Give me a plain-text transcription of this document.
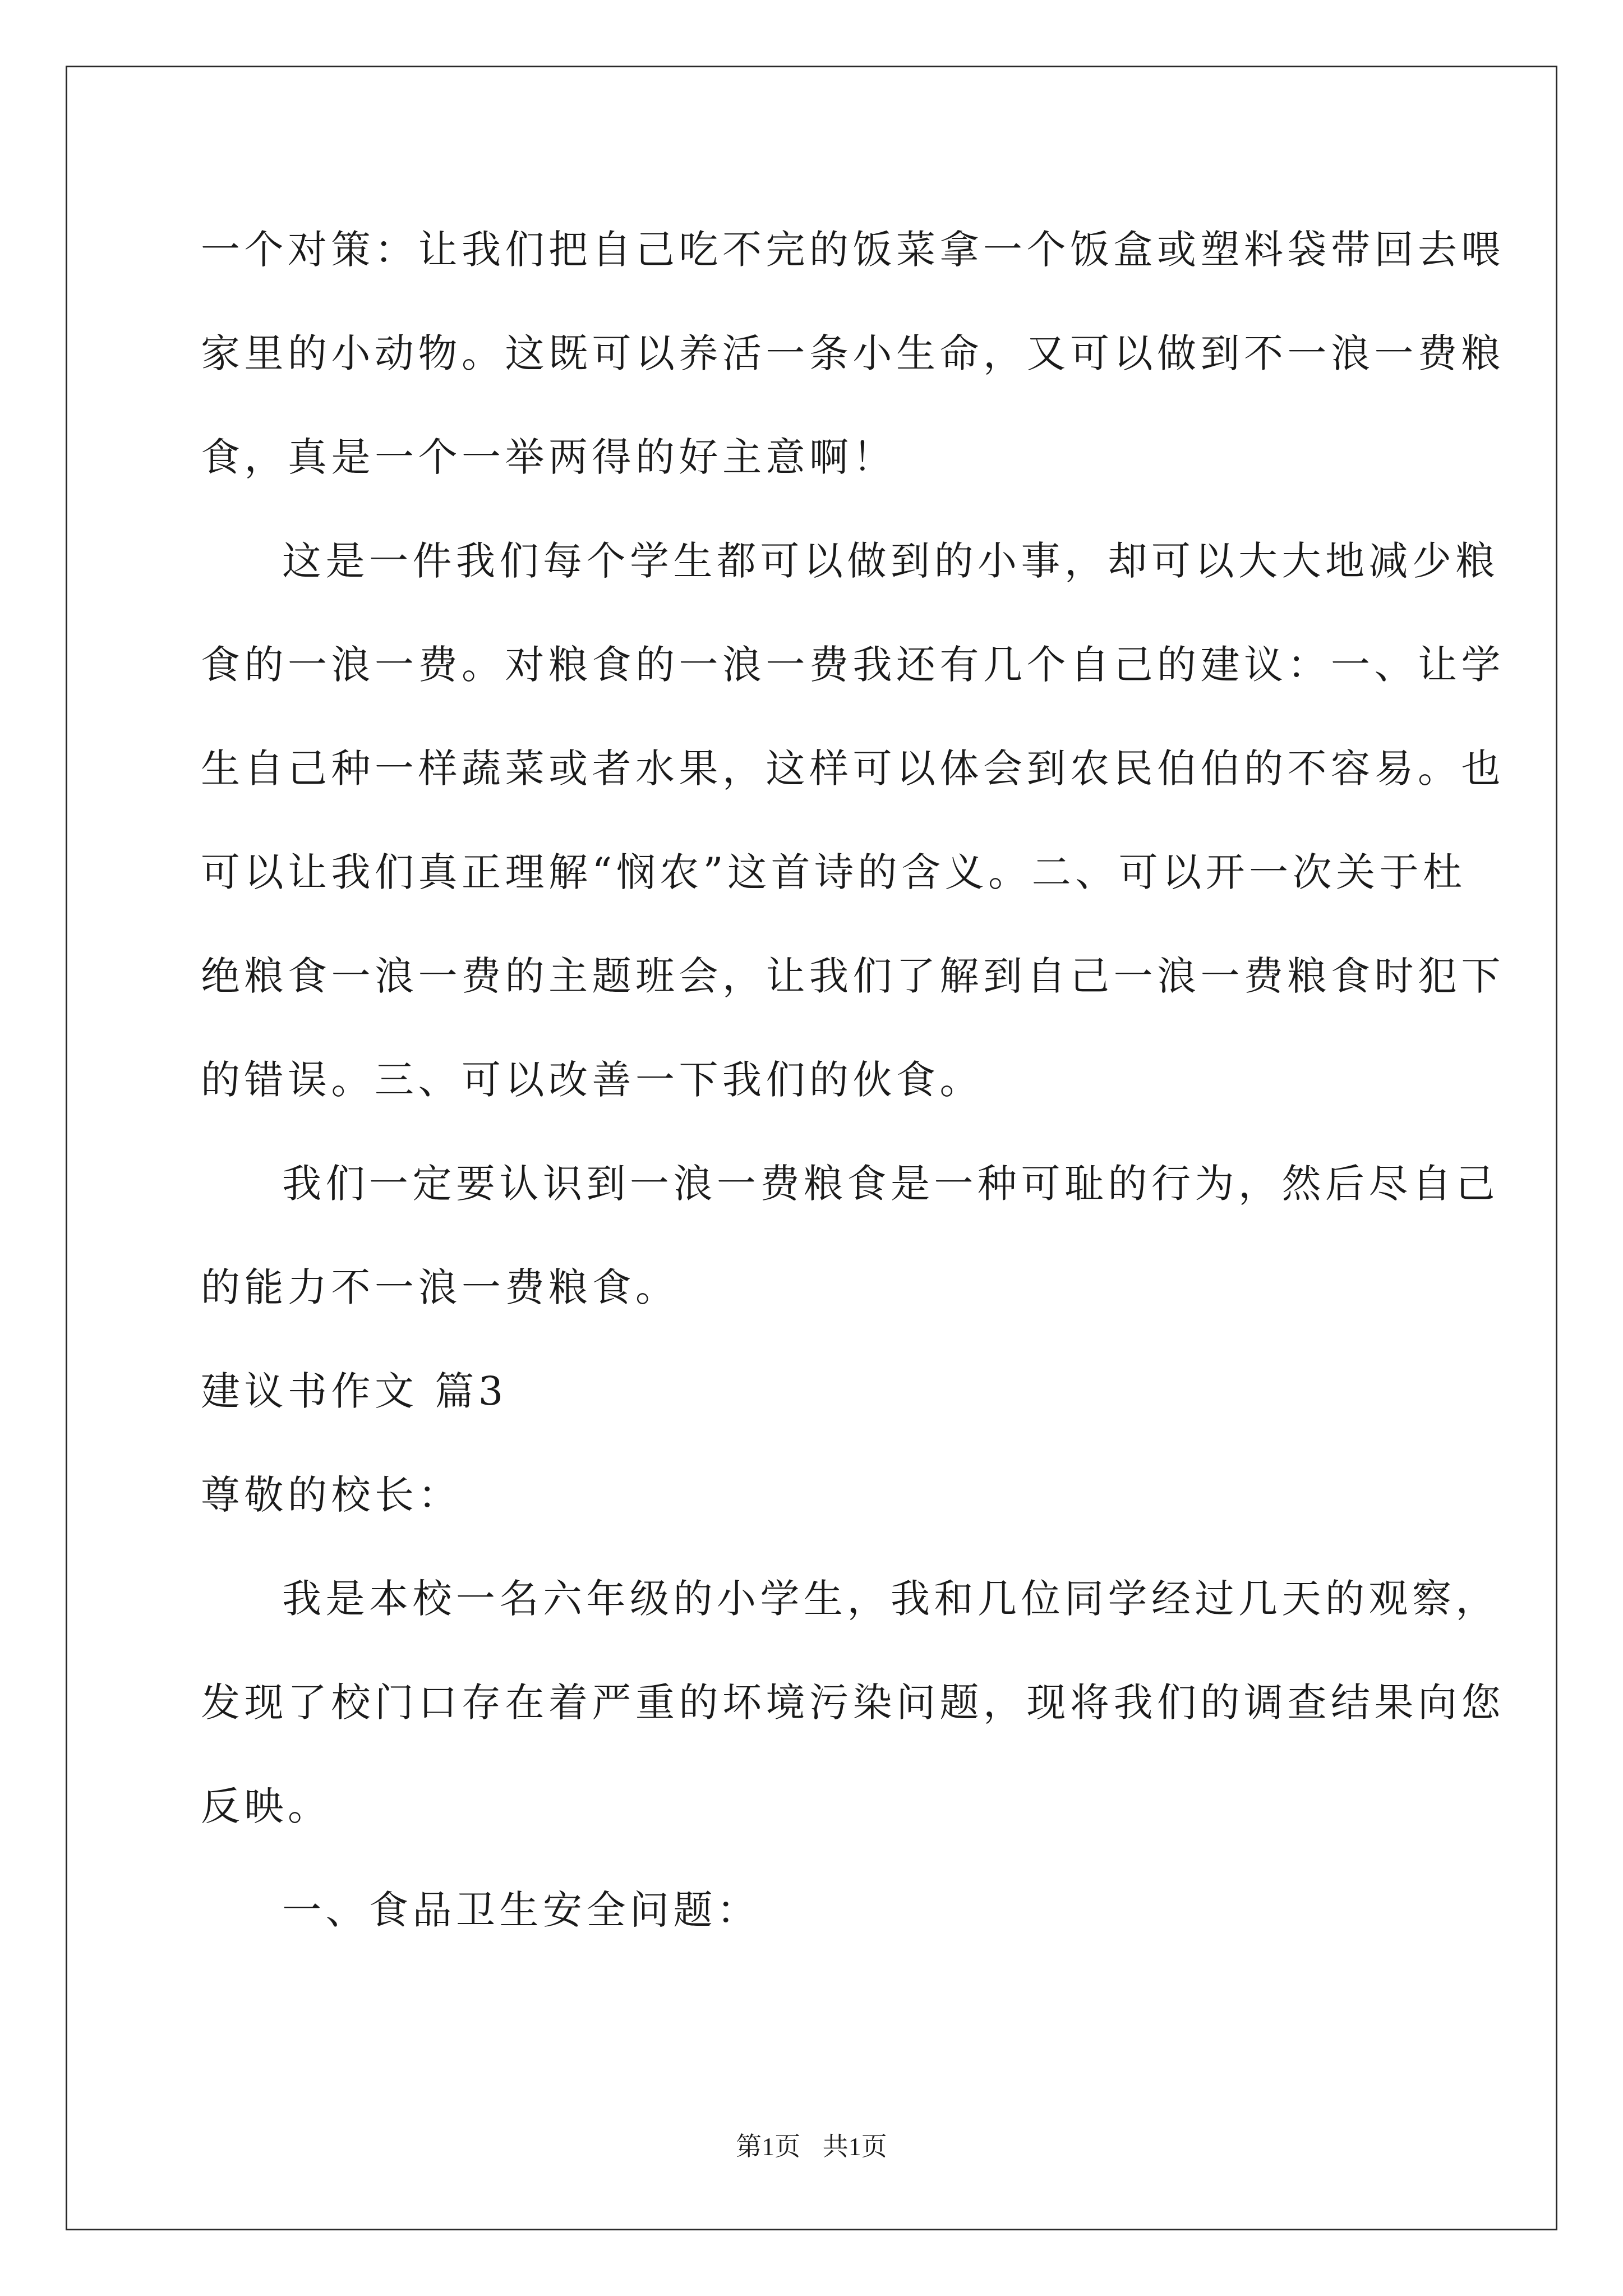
一个对策：让我们把自己吃不完的饭菜拿一个饭盒或塑料袋带回去喂
家里的小动物。这既可以养活一条小生命，又可以做到不一浪一费粮
食，真是一个一举两得的好主意啊！
这是一件我们每个学生都可以做到的小事，却可以大大地减少粮
食的一浪一费。对粮食的一浪一费我还有几个自己的建议：一、让学
生自己种一样蔬菜或者水果，这样可以体会到农民伯伯的不容易。也
可以让我们真正理解“悯农”这首诗的含义。二、可以开一次关于杜
绝粮食一浪一费的主题班会，让我们了解到自己一浪一费粮食时犯下
的错误。三、可以改善一下我们的伙食。
我们一定要认识到一浪一费粮食是一种可耻的行为，然后尽自己
的能力不一浪一费粮食。
建议书作文 篇3
尊敬的校长：
我是本校一名六年级的小学生，我和几位同学经过几天的观察，
发现了校门口存在着严重的坏境污染问题，现将我们的调查结果向您
反映。
一、食品卫生安全问题：
第1页 共1页
